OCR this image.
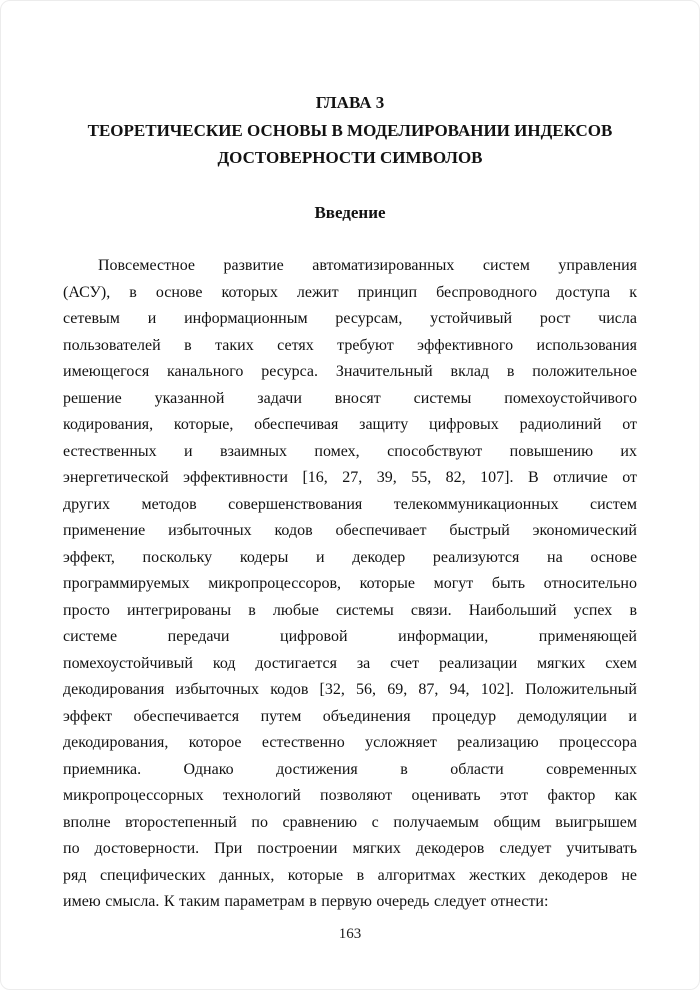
ГЛАВА 3
ТЕОРЕТИЧЕСКИЕ ОСНОВЫ В МОДЕЛИРОВАНИИ ИНДЕКСОВ
ДОСТОВЕРНОСТИ СИМВОЛОВ
Введение
Повсеместное развитие автоматизированных систем управления
(АСУ), в основе которых лежит принцип беспроводного доступа к
сетевым и информационным ресурсам, устойчивый рост числа
пользователей в таких сетях требуют эффективного использования
имеющегося канального ресурса. Значительный вклад в положительное
решение указанной задачи вносят системы помехоустойчивого
кодирования, которые, обеспечивая защиту цифровых радиолиний от
естественных и взаимных помех, способствуют повышению их
энергетической эффективности [16, 27, 39, 55, 82, 107]. В отличие от
других методов совершенствования телекоммуникационных систем
применение избыточных кодов обеспечивает быстрый экономический
эффект, поскольку кодеры и декодер реализуются на основе
программируемых микропроцессоров, которые могут быть относительно
просто интегрированы в любые системы связи. Наибольший успех в
системе передачи цифровой информации, применяющей
помехоустойчивый код достигается за счет реализации мягких схем
декодирования избыточных кодов [32, 56, 69, 87, 94, 102]. Положительный
эффект обеспечивается путем объединения процедур демодуляции и
декодирования, которое естественно усложняет реализацию процессора
приемника. Однако достижения в области современных
микропроцессорных технологий позволяют оценивать этот фактор как
вполне второстепенный по сравнению с получаемым общим выигрышем
по достоверности. При построении мягких декодеров следует учитывать
ряд специфических данных, которые в алгоритмах жестких декодеров не
имею смысла. К таким параметрам в первую очередь следует отнести:
163
